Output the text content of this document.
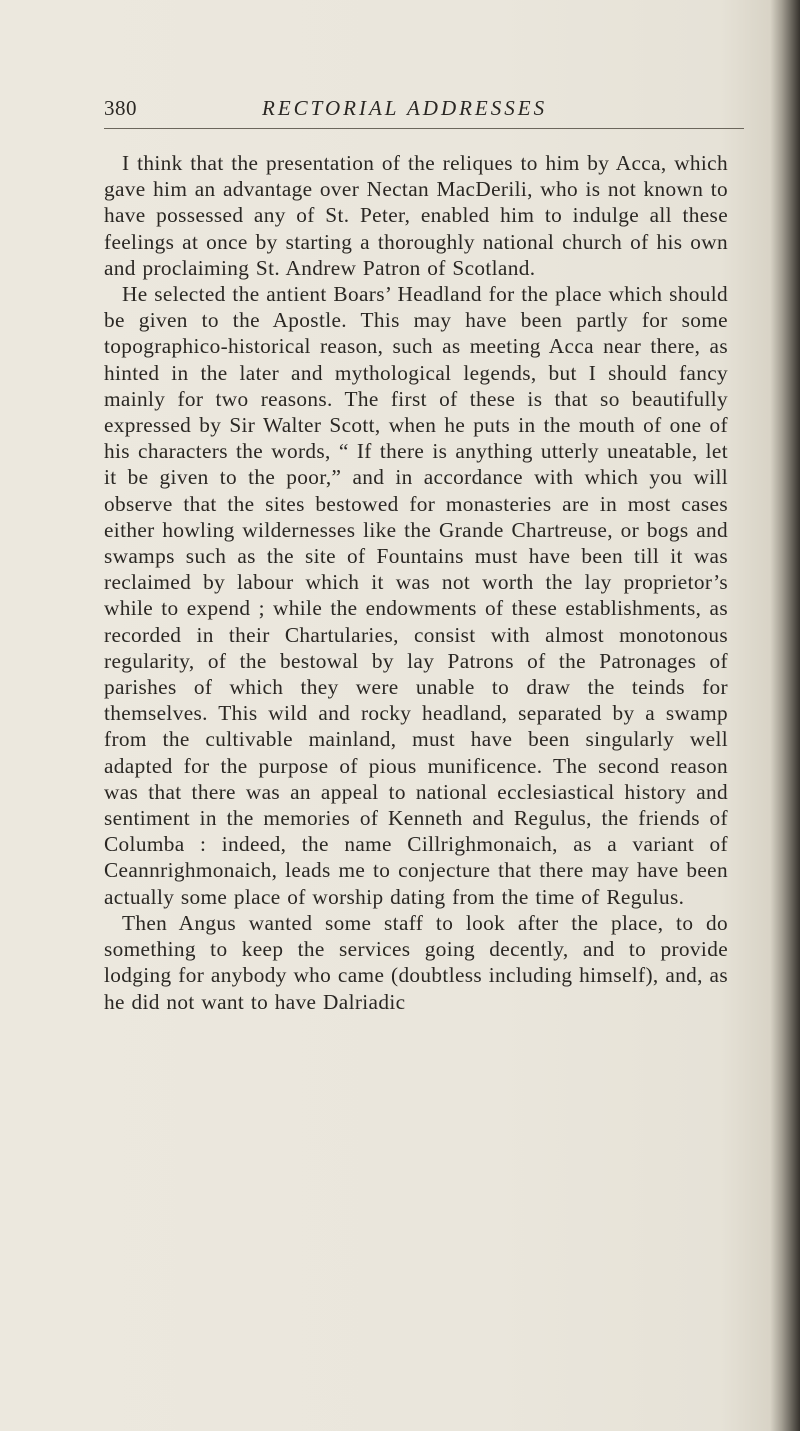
380	RECTORIAL ADDRESSES

I think that the presentation of the reliques to him by Acca, which gave him an advantage over Nectan MacDerili, who is not known to have possessed any of St. Peter, enabled him to indulge all these feelings at once by starting a thoroughly national church of his own and proclaiming St. Andrew Patron of Scotland.

He selected the antient Boars’ Headland for the place which should be given to the Apostle. This may have been partly for some topographico-historical reason, such as meeting Acca near there, as hinted in the later and mythological legends, but I should fancy mainly for two reasons. The first of these is that so beautifully expressed by Sir Walter Scott, when he puts in the mouth of one of his characters the words, “ If there is anything utterly uneatable, let it be given to the poor,” and in accordance with which you will observe that the sites bestowed for monasteries are in most cases either howling wildernesses like the Grande Chartreuse, or bogs and swamps such as the site of Fountains must have been till it was reclaimed by labour which it was not worth the lay proprietor’s while to expend ; while the endowments of these establishments, as recorded in their Chartularies, consist with almost monotonous regularity, of the bestowal by lay Patrons of the Patronages of parishes of which they were unable to draw the teinds for themselves. This wild and rocky headland, separated by a swamp from the cultivable mainland, must have been singularly well adapted for the purpose of pious munificence. The second reason was that there was an appeal to national ecclesiastical history and sentiment in the memories of Kenneth and Regulus, the friends of Columba : indeed, the name Cillrighmonaich, as a variant of Ceannrighmonaich, leads me to conjecture that there may have been actually some place of worship dating from the time of Regulus.

Then Angus wanted some staff to look after the place, to do something to keep the services going decently, and to provide lodging for anybody who came (doubtless including himself), and, as he did not want to have Dalriadic
